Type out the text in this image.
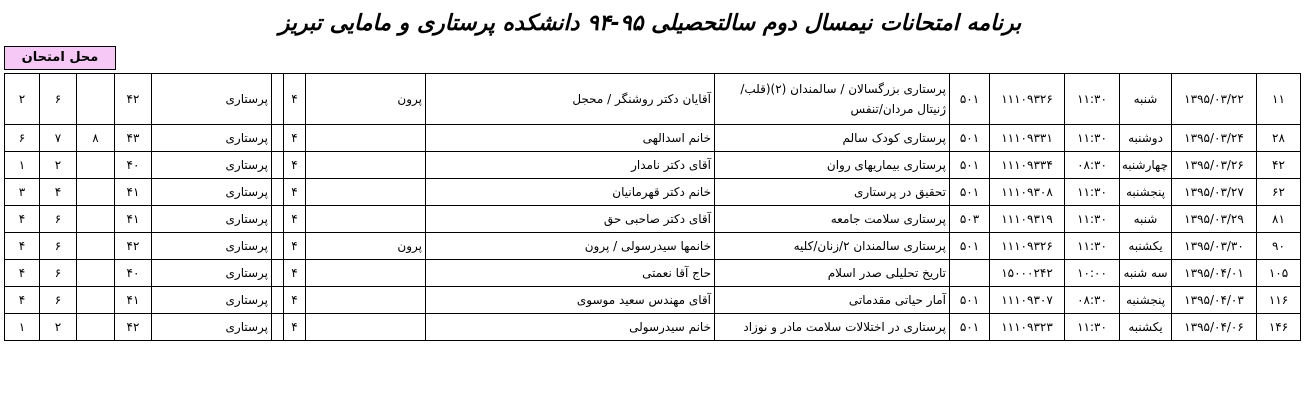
برنامه امتحانات نیمسال دوم سالتحصیلی ۹۵-۹۴ دانشکده پرستاری و مامایی تبریز
محل امتحان
۲	۶		۴۲	پرستاری		۴	پرون	آقایان دکتر روشنگر / محجل	پرستاری بزرگسالان / سالمندان (۲)(قلب/ ژنیتال مردان/تنفس	۵۰۱	۱۱۱۰۹۳۲۶	۱۱:۳۰	شنبه	۱۳۹۵/۰۳/۲۲	۱۱
۶	۷	۸	۴۳	پرستاری		۴		خانم اسدالهی	پرستاری کودک سالم	۵۰۱	۱۱۱۰۹۳۳۱	۱۱:۳۰	دوشنبه	۱۳۹۵/۰۳/۲۴	۲۸
۱	۲		۴۰	پرستاری		۴		آقای دکتر نامدار	پرستاری بیماریهای روان	۵۰۱	۱۱۱۰۹۳۳۴	۰۸:۳۰	چهارشنبه	۱۳۹۵/۰۳/۲۶	۴۲
۳	۴		۴۱	پرستاری		۴		خانم دکتر قهرمانیان	تحقیق در پرستاری	۵۰۱	۱۱۱۰۹۳۰۸	۱۱:۳۰	پنجشنبه	۱۳۹۵/۰۳/۲۷	۶۲
۴	۶		۴۱	پرستاری		۴		آقای دکتر صاحبی حق	پرستاری سلامت جامعه	۵۰۳	۱۱۱۰۹۳۱۹	۱۱:۳۰	شنبه	۱۳۹۵/۰۳/۲۹	۸۱
۴	۶		۴۲	پرستاری		۴	پرون	خانمها سیدرسولی / پرون	پرستاری سالمندان ۲/زنان/کلیه	۵۰۱	۱۱۱۰۹۳۲۶	۱۱:۳۰	یکشنبه	۱۳۹۵/۰۳/۳۰	۹۰
۴	۶		۴۰	پرستاری		۴		حاج آقا نعمتی	تاریخ تحلیلی صدر اسلام		۱۵۰۰۰۲۴۲	۱۰:۰۰	سه شنبه	۱۳۹۵/۰۴/۰۱	۱۰۵
۴	۶		۴۱	پرستاری		۴		آقای مهندس سعید موسوی	آمار حیاتی مقدماتی	۵۰۱	۱۱۱۰۹۳۰۷	۰۸:۳۰	پنجشنبه	۱۳۹۵/۰۴/۰۳	۱۱۶
۱	۲		۴۲	پرستاری		۴		خانم سیدرسولی	پرستاری در اختلالات سلامت مادر و نوزاد	۵۰۱	۱۱۱۰۹۳۲۳	۱۱:۳۰	یکشنبه	۱۳۹۵/۰۴/۰۶	۱۴۶
